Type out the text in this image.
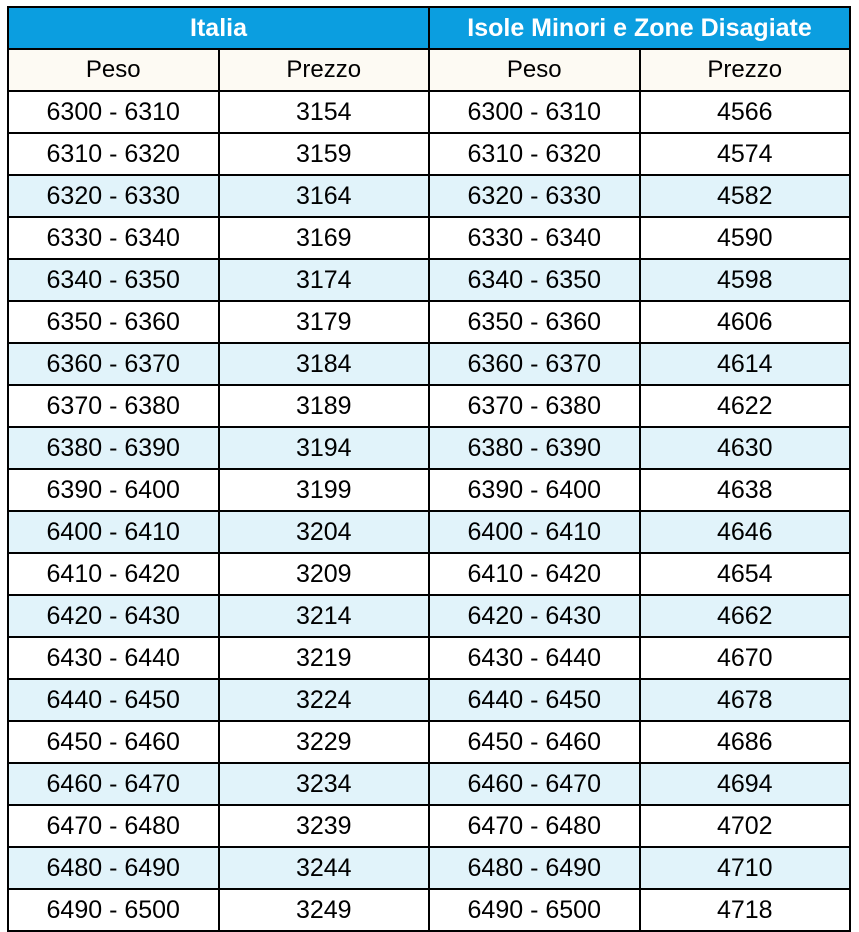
Italia		Isole Minori e Zone Disagiate	
Peso	Prezzo	Peso	Prezzo
6300 - 6310	3154	6300 - 6310	4566
6310 - 6320	3159	6310 - 6320	4574
6320 - 6330	3164	6320 - 6330	4582
6330 - 6340	3169	6330 - 6340	4590
6340 - 6350	3174	6340 - 6350	4598
6350 - 6360	3179	6350 - 6360	4606
6360 - 6370	3184	6360 - 6370	4614
6370 - 6380	3189	6370 - 6380	4622
6380 - 6390	3194	6380 - 6390	4630
6390 - 6400	3199	6390 - 6400	4638
6400 - 6410	3204	6400 - 6410	4646
6410 - 6420	3209	6410 - 6420	4654
6420 - 6430	3214	6420 - 6430	4662
6430 - 6440	3219	6430 - 6440	4670
6440 - 6450	3224	6440 - 6450	4678
6450 - 6460	3229	6450 - 6460	4686
6460 - 6470	3234	6460 - 6470	4694
6470 - 6480	3239	6470 - 6480	4702
6480 - 6490	3244	6480 - 6490	4710
6490 - 6500	3249	6490 - 6500	4718
